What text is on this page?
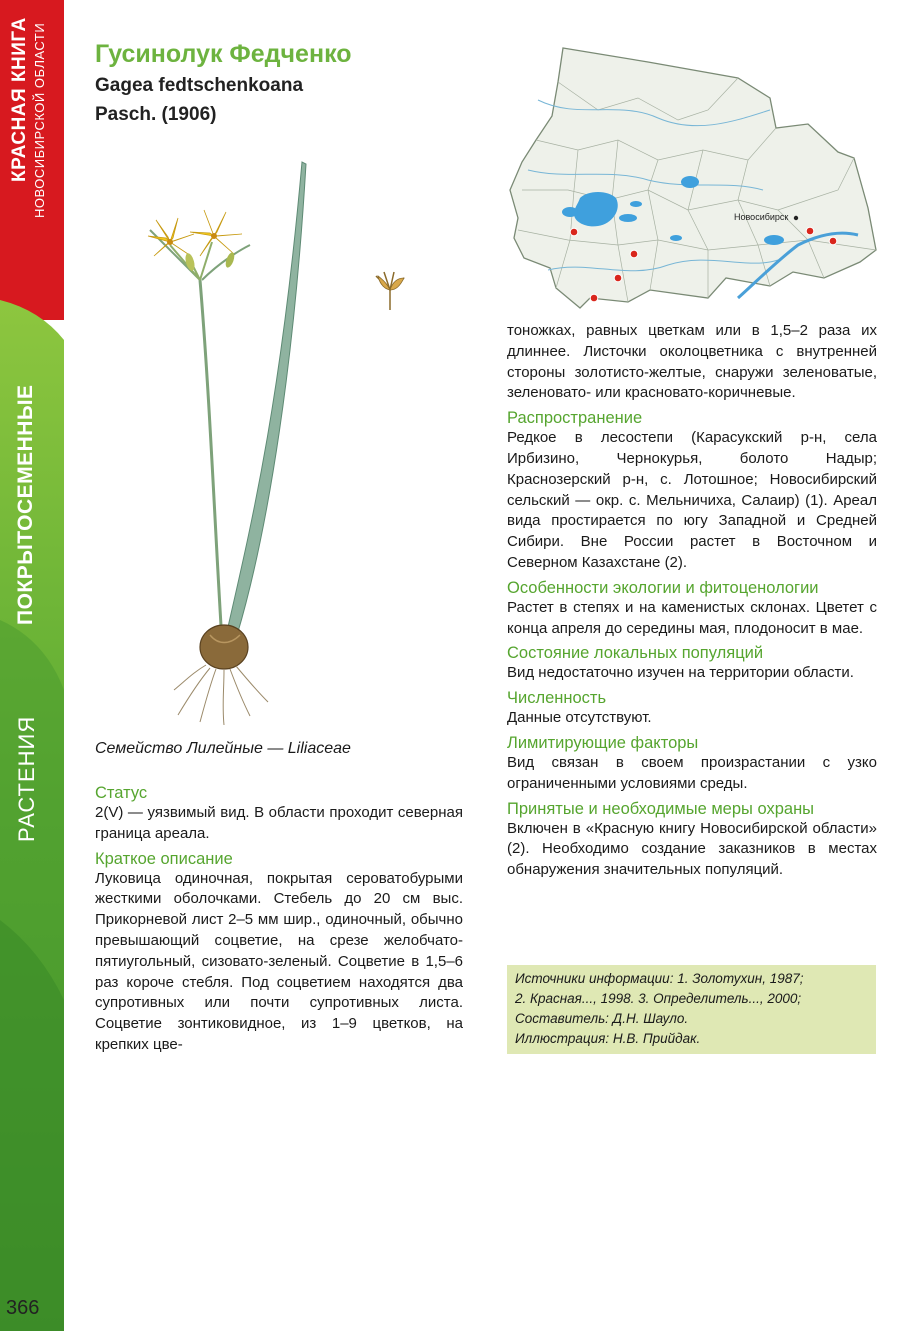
КРАСНАЯ КНИГА НОВОСИБИРСКОЙ ОБЛАСТИ
ПОКРЫТОСЕМЕННЫЕ
РАСТЕНИЯ
366
Гусинолук Федченко
Gagea fedtschenkoana
Pasch. (1906)
Семейство Лилейные — Liliaceae
Новосибирск
Статус

2(V) — уязвимый вид. В области проходит северная граница ареала.

Краткое описание

Луковица одиночная, покрытая сероватобурыми жесткими оболочками. Стебель до 20 см выс. Прикорневой лист 2–5 мм шир., одиночный, обычно превышающий соцветие, на срезе желобчато-пятиугольный, сизовато-зеленый. Соцветие в 1,5–6 раз короче стебля. Под соцветием находятся два супротивных или почти супротивных листа. Соцветие зонтиковидное, из 1–9 цветков, на крепких цве-

тоножках, равных цветкам или в 1,5–2 раза их длиннее. Листочки околоцветника с внутренней стороны золотисто-желтые, снаружи зеленоватые, зеленовато- или красновато-коричневые.

Распространение

Редкое в лесостепи (Карасукский р-н, села Ирбизино, Чернокурья, болото Надыр; Краснозерский р-н, с. Лотошное; Новосибирский сельский — окр. с. Мельничиха, Салаир) (1). Ареал вида простирается по югу Западной и Средней Сибири. Вне России растет в Восточном и Северном Казахстане (2).

Особенности экологии и фитоценологии

Растет в степях и на каменистых склонах. Цветет с конца апреля до середины мая, плодоносит в мае.

Состояние локальных популяций

Вид недостаточно изучен на территории области.

Численность

Данные отсутствуют.

Лимитирующие факторы

Вид связан в своем произрастании с узко ограниченными условиями среды.

Принятые и необходимые меры охраны

Включен в «Красную книгу Новосибирской области» (2). Необходимо создание заказников в местах обнаружения значительных популяций.

Источники информации: 1. Золотухин, 1987;
2. Красная..., 1998. 3. Определитель..., 2000;
Составитель: Д.Н. Шауло.
Иллюстрация: Н.В. Прийдак.
